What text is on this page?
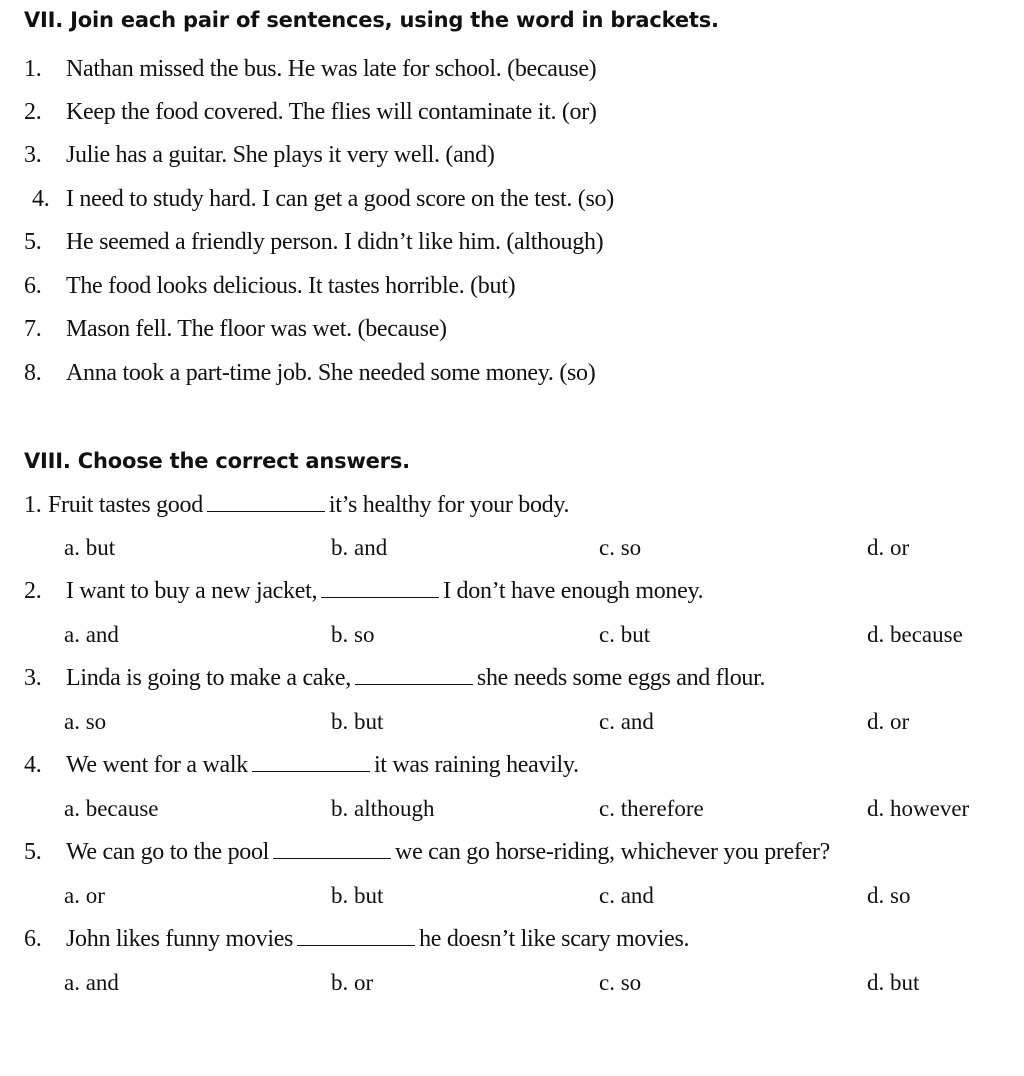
VII. Join each pair of sentences, using the word in brackets.
1. Nathan missed the bus. He was late for school. (because)
2. Keep the food covered. The flies will contaminate it. (or)
3. Julie has a guitar. She plays it very well. (and)
4. I need to study hard. I can get a good score on the test. (so)
5. He seemed a friendly person. I didn’t like him. (although)
6. The food looks delicious. It tastes horrible. (but)
7. Mason fell. The floor was wet. (because)
8. Anna took a part-time job. She needed some money. (so)
VIII. Choose the correct answers.
1. Fruit tastes good	it’s healthy for your body.
a. but	b. and	c. so	d. or
2. I want to buy a new jacket,	I don’t have enough money.
a. and	b. so	c. but	d. because
3. Linda is going to make a cake,	she needs some eggs and flour.
a. so	b. but	c. and	d. or
4. We went for a walk	it was raining heavily.
a. because	b. although	c. therefore	d. however
5. We can go to the pool	we can go horse-riding, whichever you prefer?
a. or	b. but	c. and	d. so
6. John likes funny movies	he doesn’t like scary movies.
a. and	b. or	c. so	d. but
